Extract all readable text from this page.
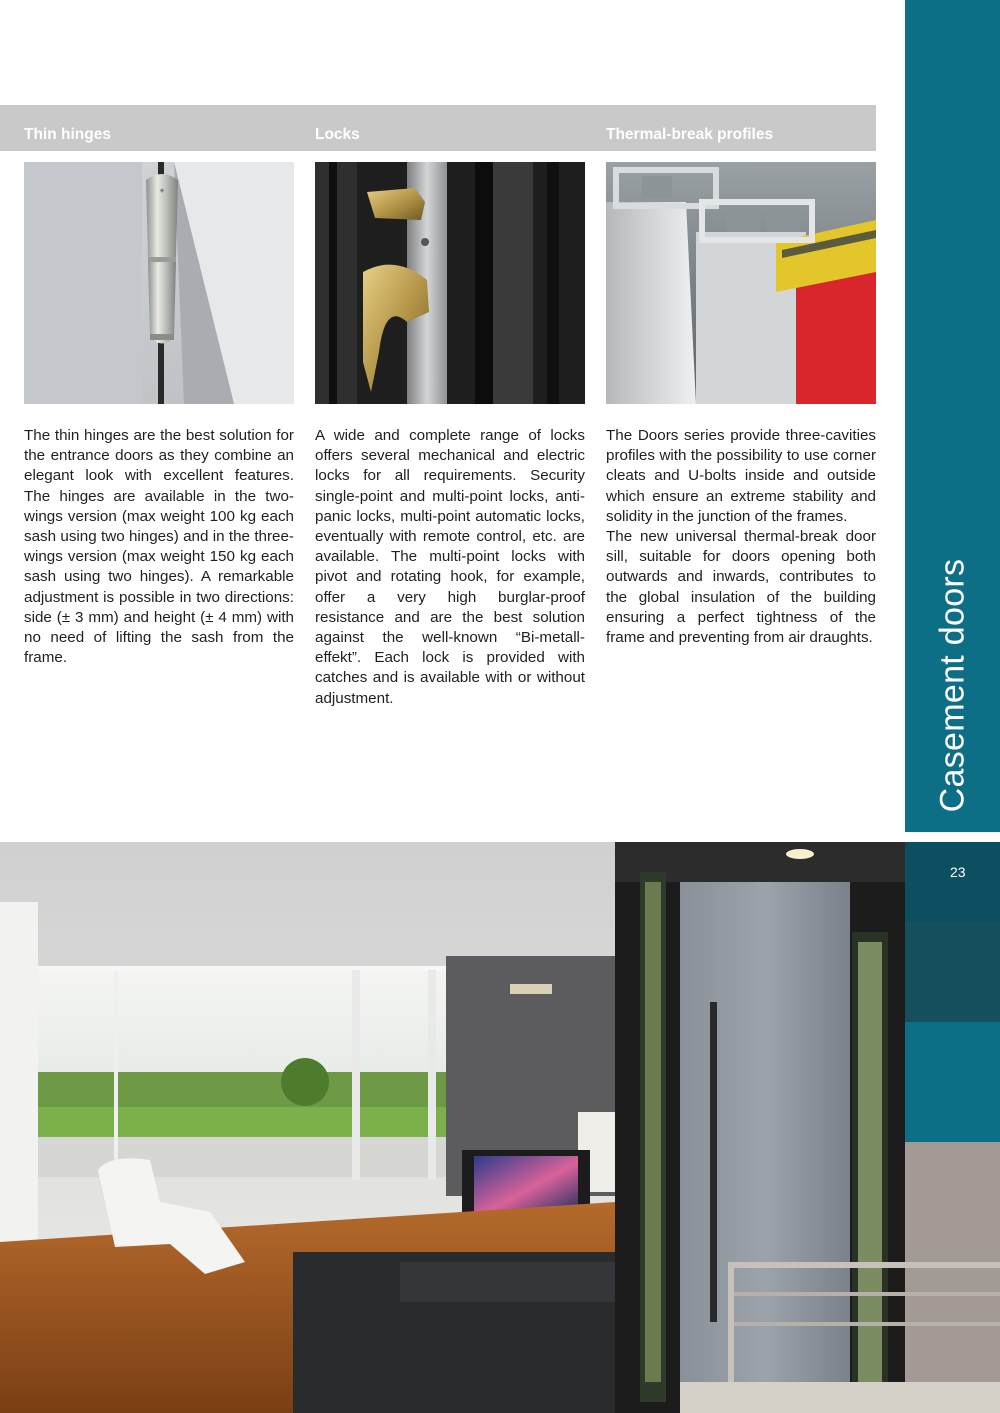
Casement doors
Thin hinges	Locks	Thermal-break profiles
◈

The thin hinges are the best solution for the entrance doors as they combine an elegant look with excellent features. The hinges are available in the two-wings version (max weight 100 kg each sash using two hinges) and in the three-wings version (max weight 150 kg each sash using two hinges). A remarkable adjustment is possible in two directions: side (± 3 mm) and height (± 4 mm) with no need of lifting the sash from the frame.

A wide and complete range of locks offers several mechanical and electric locks for all requirements. Security single-point and multi-point locks, anti-panic locks, multi-point automatic locks, eventually with remote control, etc. are available. The multi-point locks with pivot and rotating hook, for example, offer a very high burglar-proof resistance and are the best solution against the well-known “Bi-metall-effekt”. Each lock is provided with catches and is available with or without adjustment.

The Doors series provide three-cavities profiles with the possibility to use corner cleats and U-bolts inside and outside which ensure an extreme stability and solidity in the junction of the frames.

The new universal thermal-break door sill, suitable for doors opening both outwards and inwards, contributes to the global insulation of the building ensuring a perfect tightness of the frame and preventing from air draughts.

23
